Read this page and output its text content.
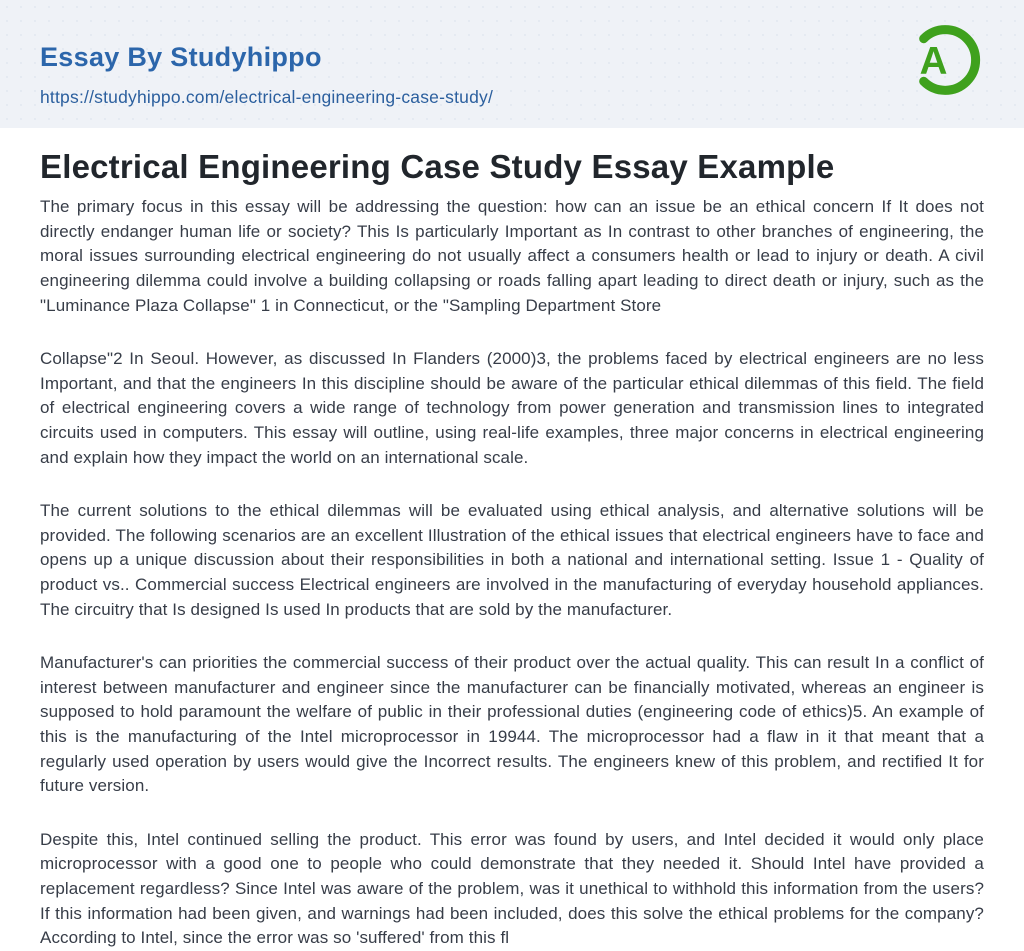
Essay By Studyhippo
https://studyhippo.com/electrical-engineering-case-study/
A
Electrical Engineering Case Study Essay Example

The primary focus in this essay will be addressing the question: how can an issue be an ethical concern If It does not directly endanger human life or society? This Is particularly Important as In contrast to other branches of engineering, the moral issues surrounding electrical engineering do not usually affect a consumers health or lead to injury or death. A civil engineering dilemma could involve a building collapsing or roads falling apart leading to direct death or injury, such as the "Luminance Plaza Collapse" 1 in Connecticut, or the "Sampling Department Store

Collapse"2 In Seoul. However, as discussed In Flanders (2000)3, the problems faced by electrical engineers are no less Important, and that the engineers In this discipline should be aware of the particular ethical dilemmas of this field. The field of electrical engineering covers a wide range of technology from power generation and transmission lines to integrated circuits used in computers. This essay will outline, using real-life examples, three major concerns in electrical engineering and explain how they impact the world on an international scale.

The current solutions to the ethical dilemmas will be evaluated using ethical analysis, and alternative solutions will be provided. The following scenarios are an excellent Illustration of the ethical issues that electrical engineers have to face and opens up a unique discussion about their responsibilities in both a national and international setting. Issue 1 - Quality of product vs.. Commercial success Electrical engineers are involved in the manufacturing of everyday household appliances. The circuitry that Is designed Is used In products that are sold by the manufacturer.

Manufacturer's can priorities the commercial success of their product over the actual quality. This can result In a conflict of interest between manufacturer and engineer since the manufacturer can be financially motivated, whereas an engineer is supposed to hold paramount the welfare of public in their professional duties (engineering code of ethics)5. An example of this is the manufacturing of the Intel microprocessor in 19944. The microprocessor had a flaw in it that meant that a regularly used operation by users would give the Incorrect results. The engineers knew of this problem, and rectified It for future version.

Despite this, Intel continued selling the product. This error was found by users, and Intel decided it would only place microprocessor with a good one to people who could demonstrate that they needed it. Should Intel have provided a replacement regardless? Since Intel was aware of the problem, was it unethical to withhold this information from the users? If this information had been given, and warnings had been included, does this solve the ethical problems for the company? According to Intel, since the error was so 'suffered' from this fl
